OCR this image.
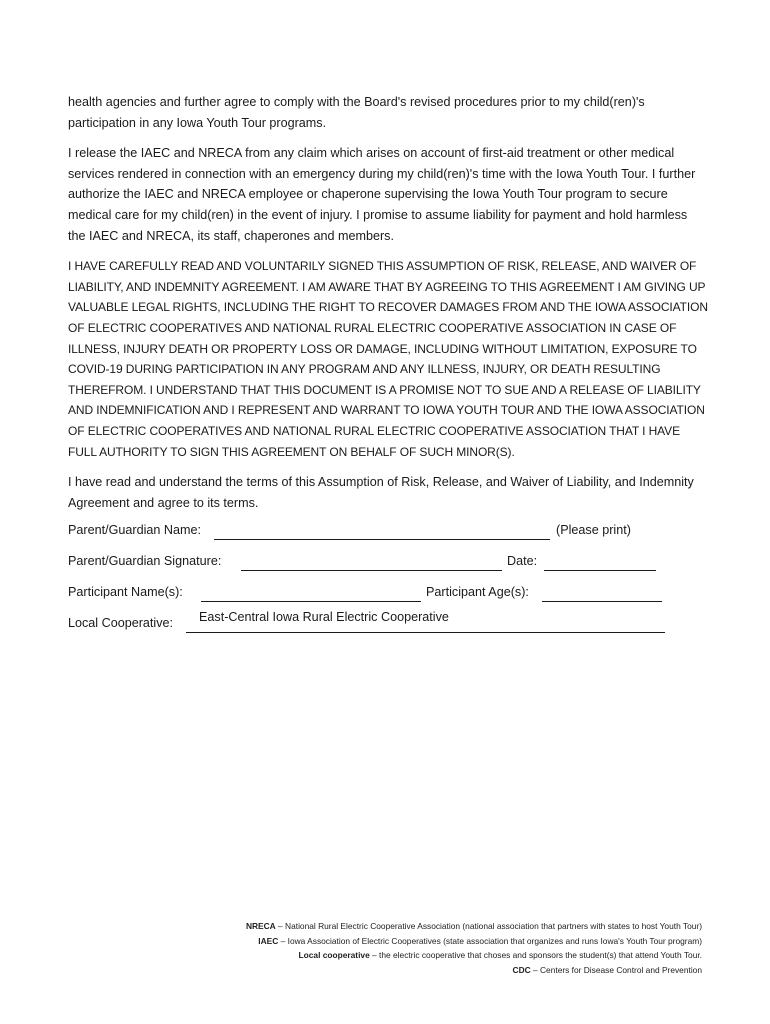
health agencies and further agree to comply with the Board's revised procedures prior to my child(ren)'s participation in any Iowa Youth Tour programs.

I release the IAEC and NRECA from any claim which arises on account of first-aid treatment or other medical services rendered in connection with an emergency during my child(ren)'s time with the Iowa Youth Tour. I further authorize the IAEC and NRECA employee or chaperone supervising the Iowa Youth Tour program to secure medical care for my child(ren) in the event of injury. I promise to assume liability for payment and hold harmless the IAEC and NRECA, its staff, chaperones and members.

I HAVE CAREFULLY READ AND VOLUNTARILY SIGNED THIS ASSUMPTION OF RISK, RELEASE, AND WAIVER OF LIABILITY, AND INDEMNITY AGREEMENT. I AM AWARE THAT BY AGREEING TO THIS AGREEMENT I AM GIVING UP VALUABLE LEGAL RIGHTS, INCLUDING THE RIGHT TO RECOVER DAMAGES FROM AND THE IOWA ASSOCIATION OF ELECTRIC COOPERATIVES AND NATIONAL RURAL ELECTRIC COOPERATIVE ASSOCIATION IN CASE OF ILLNESS, INJURY DEATH OR PROPERTY LOSS OR DAMAGE, INCLUDING WITHOUT LIMITATION, EXPOSURE TO COVID-19 DURING PARTICIPATION IN ANY PROGRAM AND ANY ILLNESS, INJURY, OR DEATH RESULTING THEREFROM. I UNDERSTAND THAT THIS DOCUMENT IS A PROMISE NOT TO SUE AND A RELEASE OF LIABILITY AND INDEMNIFICATION AND I REPRESENT AND WARRANT TO IOWA YOUTH TOUR AND THE IOWA ASSOCIATION OF ELECTRIC COOPERATIVES AND NATIONAL RURAL ELECTRIC COOPERATIVE ASSOCIATION THAT I HAVE FULL AUTHORITY TO SIGN THIS AGREEMENT ON BEHALF OF SUCH MINOR(S).

I have read and understand the terms of this Assumption of Risk, Release, and Waiver of Liability, and Indemnity Agreement and agree to its terms.

Parent/Guardian Name:	(Please print)
Parent/Guardian Signature:	Date:
Participant Name(s):	Participant Age(s):
Local Cooperative: East-Central Iowa Rural Electric Cooperative
NRECA – National Rural Electric Cooperative Association (national association that partners with states to host Youth Tour)
IAEC – Iowa Association of Electric Cooperatives (state association that organizes and runs Iowa's Youth Tour program)
Local cooperative – the electric cooperative that choses and sponsors the student(s) that attend Youth Tour.
CDC – Centers for Disease Control and Prevention
